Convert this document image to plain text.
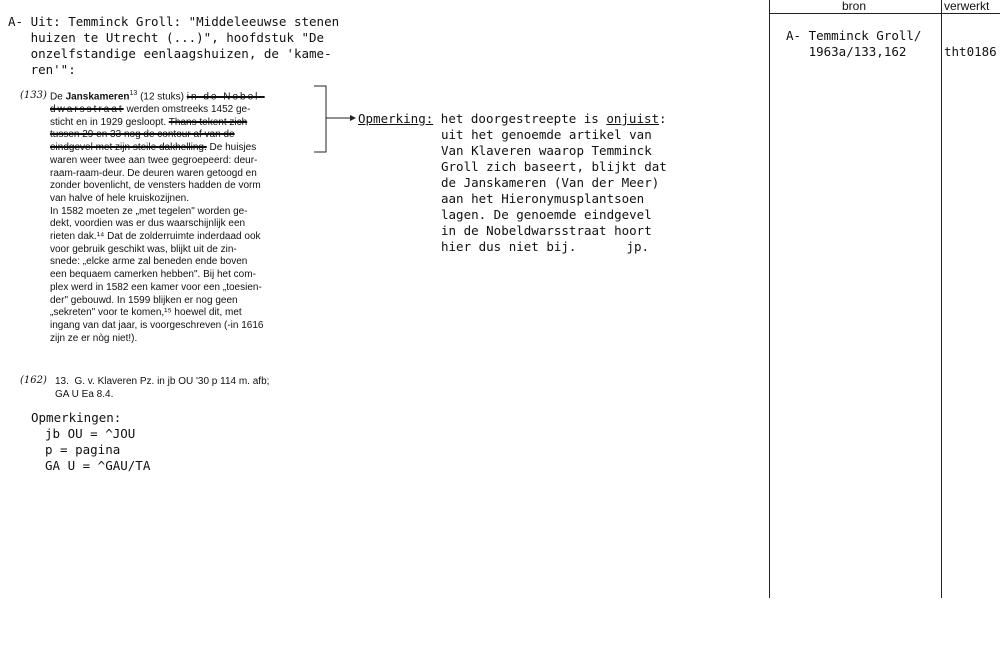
bron	verwerkt
A- Temminck Groll/
1963a/133,162	tht0186
A- Uit: Temminck Groll: "Middeleeuwse stenen
huizen te Utrecht (...)", hoofdstuk "De
onzelfstandige eenlaagshuizen, de 'kame-
ren'":
(133)
(162)
De Janskameren$^{13}$ (12 stuks) in de Nobel-
dwarsstraat werden omstreeks 1452 ge-
sticht en in 1929 gesloopt. Thans tekent zich
tussen 29 en 33 nog de contour af van de
eindgevel met zijn steile dakhelling. De huisjes
waren weer twee aan twee gegroepeerd: deur-
raam-raam-deur. De deuren waren getoogd en
zonder bovenlicht, de vensters hadden de vorm
van halve of hele kruiskozijnen.
In 1582 moeten ze „met tegelen" worden ge-
dekt, voordien was er dus waarschijnlijk een
rieten dak.¹⁴ Dat de zolderruimte inderdaad ook
voor gebruik geschikt was, blijkt uit de zin-
snede: „elcke arme zal beneden ende boven
een bequaem camerken hebben". Bij het com-
plex werd in 1582 een kamer voor een „toesien-
der" gebouwd. In 1599 blijken er nog geen
„sekreten" voor te komen,¹⁵ hoewel dit, met
ingang van dat jaar, is voorgeschreven (-in 1616
zijn ze er nòg niet!).
Opmerking: het doorgestreepte is onjuist:
uit het genoemde artikel van
Van Klaveren waarop Temminck
Groll zich baseert, blijkt dat
de Janskameren (Van der Meer)
aan het Hieronymusplantsoen
lagen. De genoemde eindgevel
in de Nobeldwarsstraat hoort
hier dus niet bij.	jp.
13.  G. v. Klaveren Pz. in jb OU '30 p 114 m. afb;
GA U Ea 8.4.
Opmerkingen:
jb OU = ^JOU
p = pagina
GA U = ^GAU/TA
